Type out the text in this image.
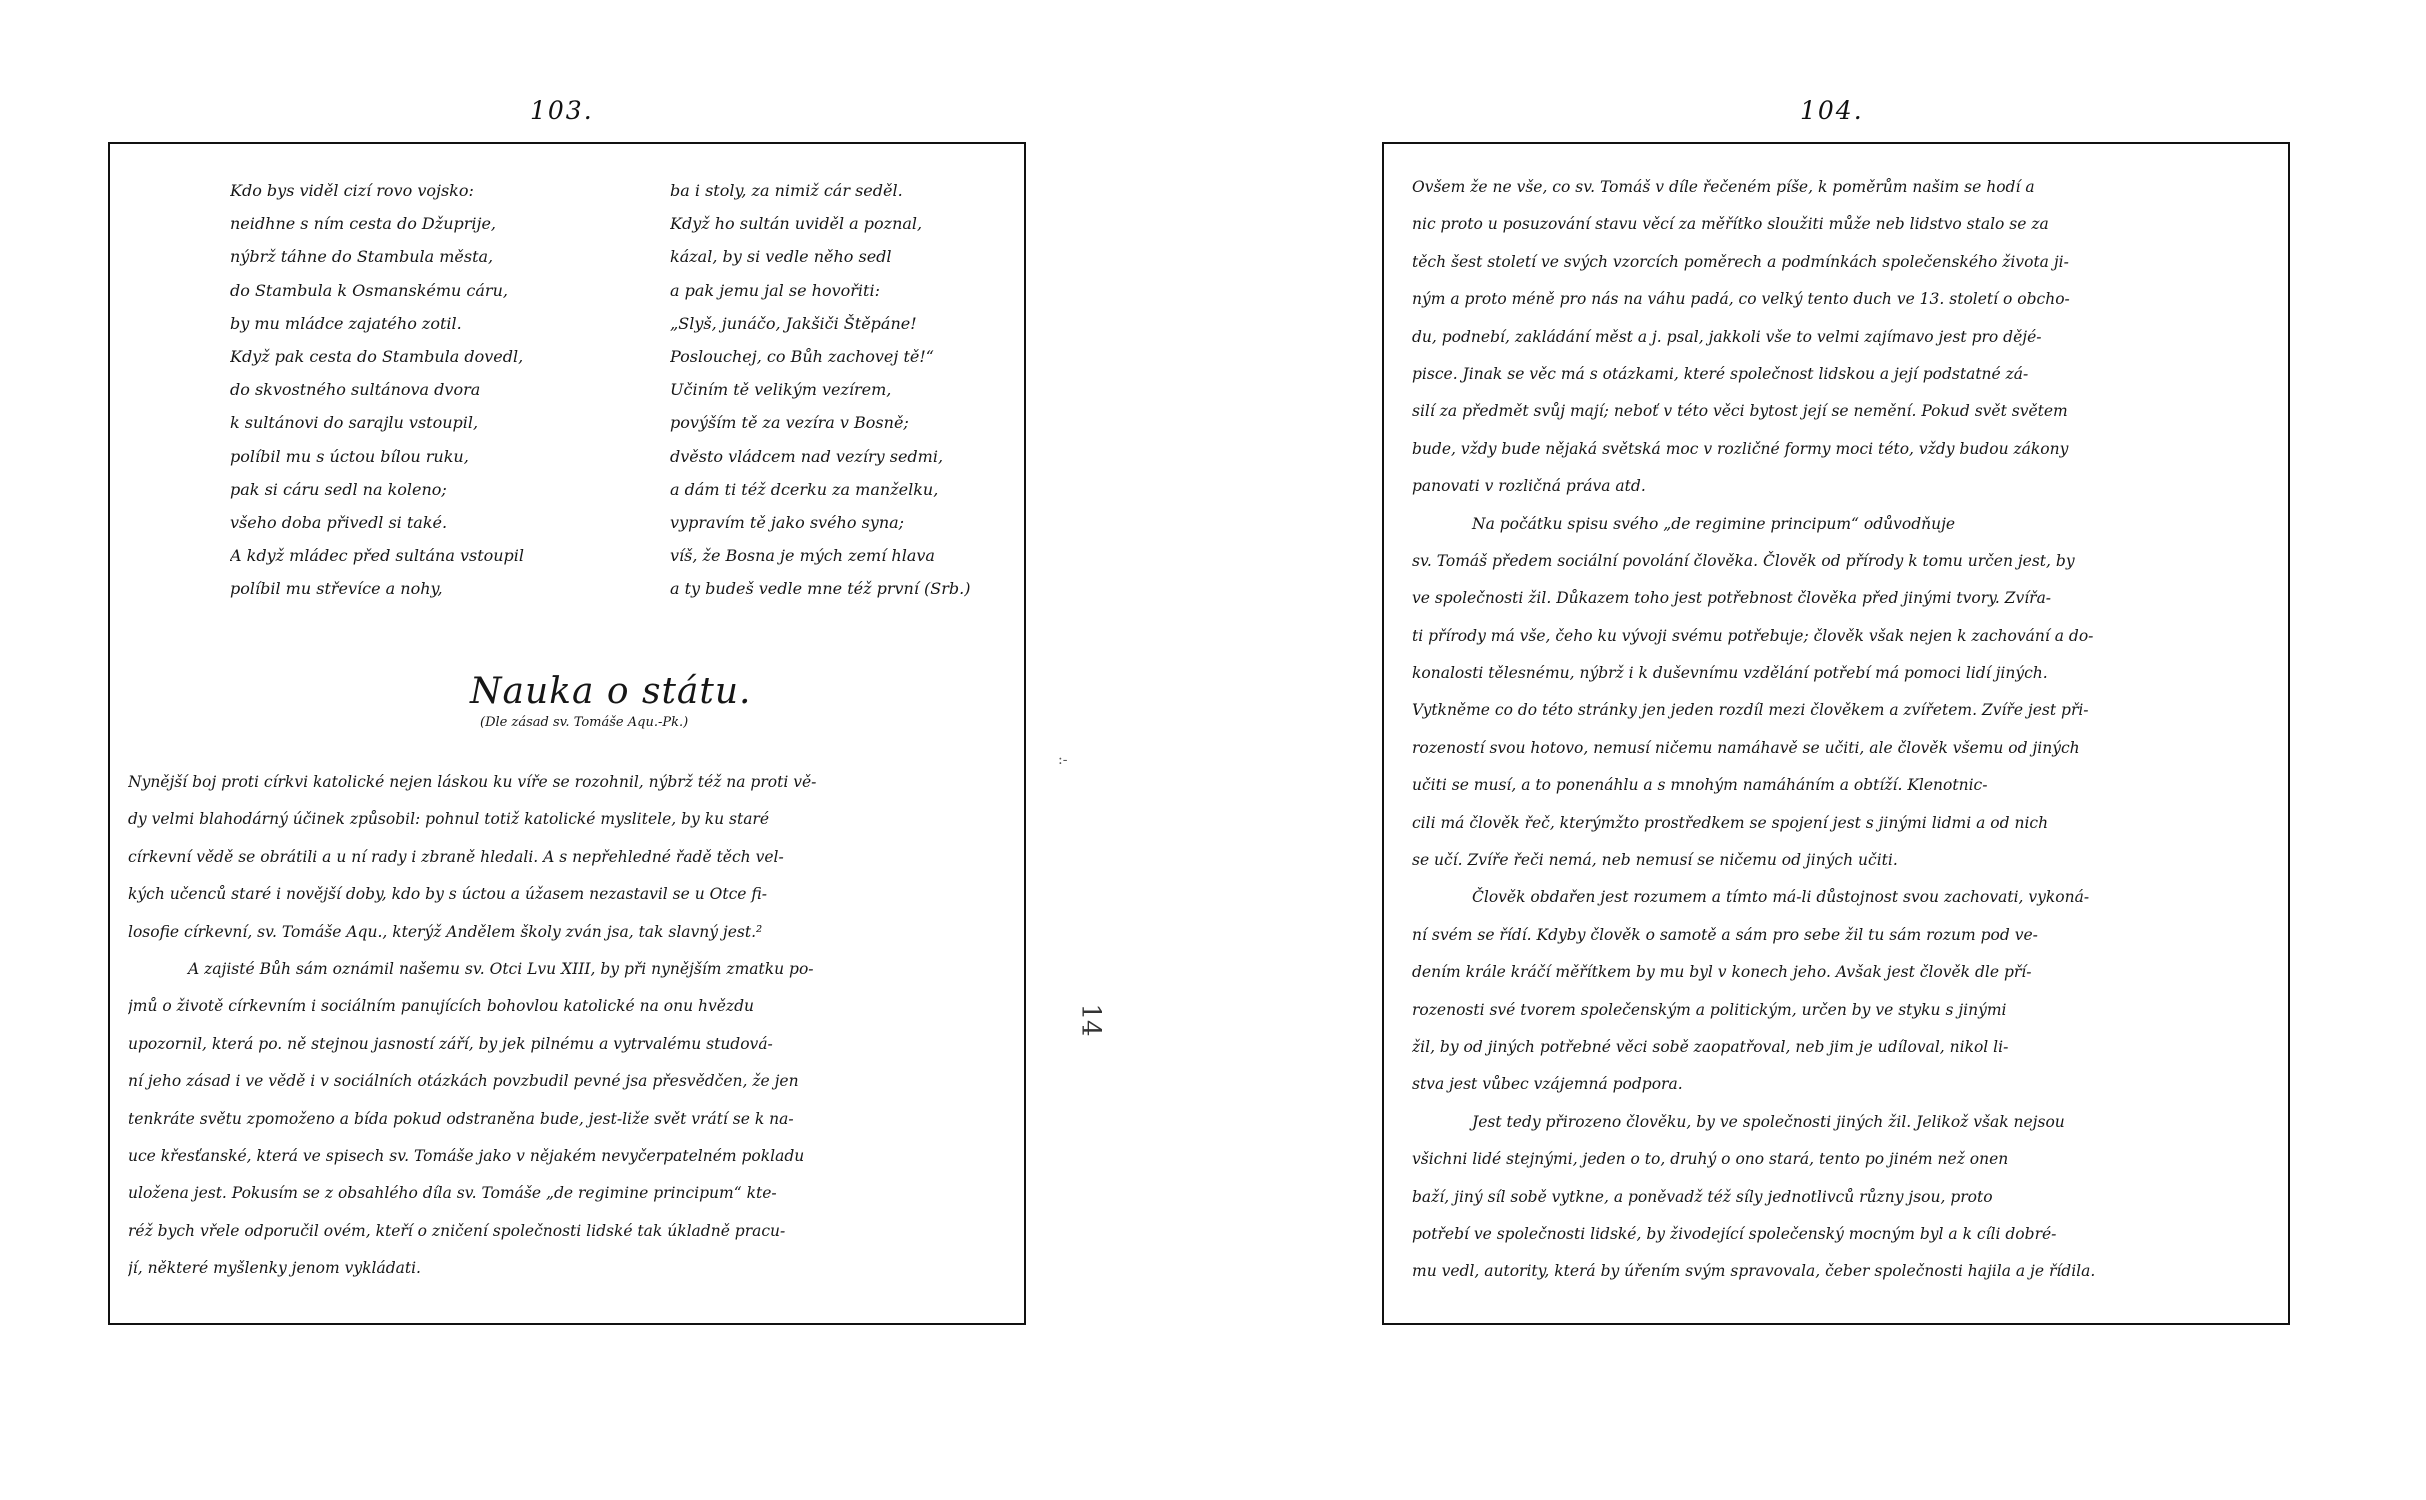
103.
Kdo bys viděl cizí rovo vojsko:
neidhne s ním cesta do Džuprije,
nýbrž táhne do Stambula města,
do Stambula k Osmanskému cáru,
by mu mládce zajatého zotil.
Když pak cesta do Stambula dovedl,
do skvostného sultánova dvora
k sultánovi do sarajlu vstoupil,
políbil mu s úctou bílou ruku,
pak si cáru sedl na koleno;
všeho doba přivedl si také.
A když mládec před sultána vstoupil
políbil mu střevíce a nohy,
ba i stoly, za nimiž cár seděl.
Když ho sultán uviděl a poznal,
kázal, by si vedle něho sedl
a pak jemu jal se hovořiti:
„Slyš, junáčo, Jakšiči Štěpáne!
Poslouchej, co Bůh zachovej tě!“
Učiním tě velikým vezírem,
povýším tě za vezíra v Bosně;
dvěsto vládcem nad vezíry sedmi,
a dám ti též dcerku za manželku,
vypravím tě jako svého syna;
víš, že Bosna je mých zemí hlava
a ty budeš vedle mne též první (Srb.)
Nauka o státu.
(Dle zásad sv. Tomáše Aqu.-Pk.)
Nynější boj proti církvi katolické nejen láskou ku víře se rozohnil, nýbrž též na proti vě-
dy velmi blahodárný účinek způsobil: pohnul totiž katolické myslitele, by ku staré
církevní vědě se obrátili a u ní rady i zbraně hledali. A s nepřehledné řadě těch vel-
kých učenců staré i novější doby, kdo by s úctou a úžasem nezastavil se u Otce fi-
losofie církevní, sv. Tomáše Aqu., kterýž Andělem školy zván jsa, tak slavný jest.²
A zajisté Bůh sám oznámil našemu sv. Otci Lvu XIII, by při nynějším zmatku po-
jmů o životě církevním i sociálním panujících bohovlou katolické na onu hvězdu
upozornil, která po. ně stejnou jasností září, by jek pilnému a vytrvalému studová-
ní jeho zásad i ve vědě i v sociálních otázkách povzbudil pevné jsa přesvědčen, že jen
tenkráte světu zpomoženo a bída pokud odstraněna bude, jest-liže svět vrátí se k na-
uce křesťanské, která ve spisech sv. Tomáše jako v nějakém nevyčerpatelném pokladu
uložena jest. Pokusím se z obsahlého díla sv. Tomáše „de regimine principum“ kte-
réž bych vřele odporučil ovém, kteří o zničení společnosti lidské tak úkladně pracu-
jí, některé myšlenky jenom vykládati.
:-
14
104.
Ovšem že ne vše, co sv. Tomáš v díle řečeném píše, k poměrům našim se hodí a
nic proto u posuzování stavu věcí za měřítko sloužiti může neb lidstvo stalo se za
těch šest století ve svých vzorcích poměrech a podmínkách společenského života ji-
ným a proto méně pro nás na váhu padá, co velký tento duch ve 13. století o obcho-
du, podnebí, zakládání měst a j. psal, jakkoli vše to velmi zajímavo jest pro dějé-
pisce. Jinak se věc má s otázkami, které společnost lidskou a její podstatné zá-
silí za předmět svůj mají; neboť v této věci bytost její se nemění. Pokud svět světem
bude, vždy bude nějaká světská moc v rozličné formy moci této, vždy budou zákony
panovati v rozličná práva atd.
Na počátku spisu svého „de regimine principum“ odůvodňuje
sv. Tomáš předem sociální povolání člověka. Člověk od přírody k tomu určen jest, by
ve společnosti žil. Důkazem toho jest potřebnost člověka před jinými tvory. Zvířa-
ti přírody má vše, čeho ku vývoji svému potřebuje; člověk však nejen k zachování a do-
konalosti tělesnému, nýbrž i k duševnímu vzdělání potřebí má pomoci lidí jiných.
Vytkněme co do této stránky jen jeden rozdíl mezi člověkem a zvířetem. Zvíře jest při-
rozeností svou hotovo, nemusí ničemu namáhavě se učiti, ale člověk všemu od jiných
učiti se musí, a to ponenáhlu a s mnohým namáháním a obtíží. Klenotnic-
cili má člověk řeč, kterýmžto prostředkem se spojení jest s jinými lidmi a od nich
se učí. Zvíře řeči nemá, neb nemusí se ničemu od jiných učiti.
Člověk obdařen jest rozumem a tímto má-li důstojnost svou zachovati, vykoná-
ní svém se řídí. Kdyby člověk o samotě a sám pro sebe žil tu sám rozum pod ve-
dením krále kráčí měřítkem by mu byl v konech jeho. Avšak jest člověk dle pří-
rozenosti své tvorem společenským a politickým, určen by ve styku s jinými
žil, by od jiných potřebné věci sobě zaopatřoval, neb jim je udíloval, nikol li-
stva jest vůbec vzájemná podpora.
Jest tedy přirozeno člověku, by ve společnosti jiných žil. Jelikož však nejsou
všichni lidé stejnými, jeden o to, druhý o ono stará, tento po jiném než onen
baží, jiný síl sobě vytkne, a poněvadž též síly jednotlivců různy jsou, proto
potřebí ve společnosti lidské, by živodející společenský mocným byl a k cíli dobré-
mu vedl, autority, která by úřením svým spravovala, čeber společnosti hajila a je řídila.
